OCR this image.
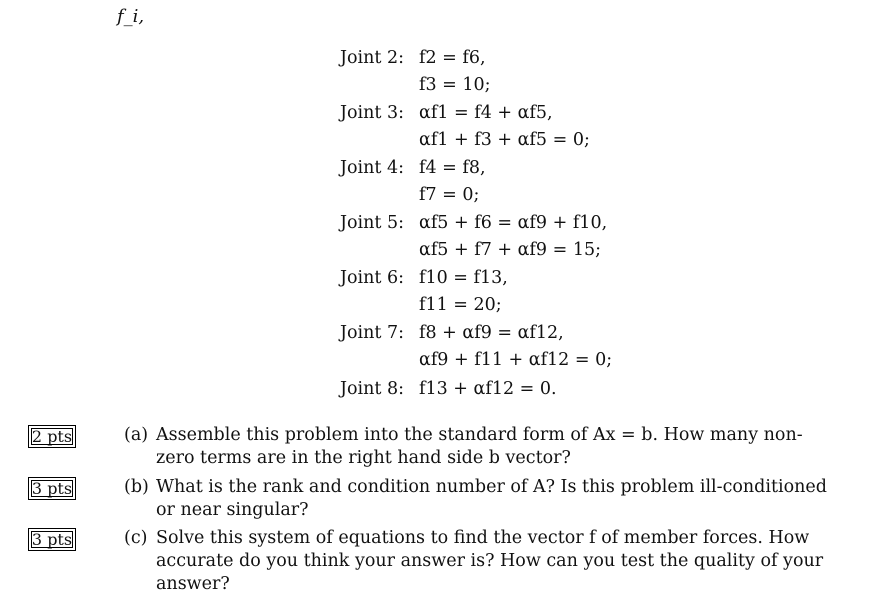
f_i,
Joint 2: f2 = f6,
f3 = 10;
Joint 3: αf1 = f4 + αf5,
αf1 + f3 + αf5 = 0;
Joint 4: f4 = f8,
f7 = 0;
Joint 5: αf5 + f6 = αf9 + f10,
αf5 + f7 + αf9 = 15;
Joint 6: f10 = f13,
f11 = 20;
Joint 7: f8 + αf9 = αf12,
αf9 + f11 + αf12 = 0;
Joint 8: f13 + αf12 = 0.
2 pts	(a) Assemble this problem into the standard form of Ax = b. How many non-zero terms are in the right hand side b vector?
3 pts	(b) What is the rank and condition number of A? Is this problem ill-conditioned or near singular?
3 pts	(c) Solve this system of equations to find the vector f of member forces. How accurate do you think your answer is? How can you test the quality of your answer?
